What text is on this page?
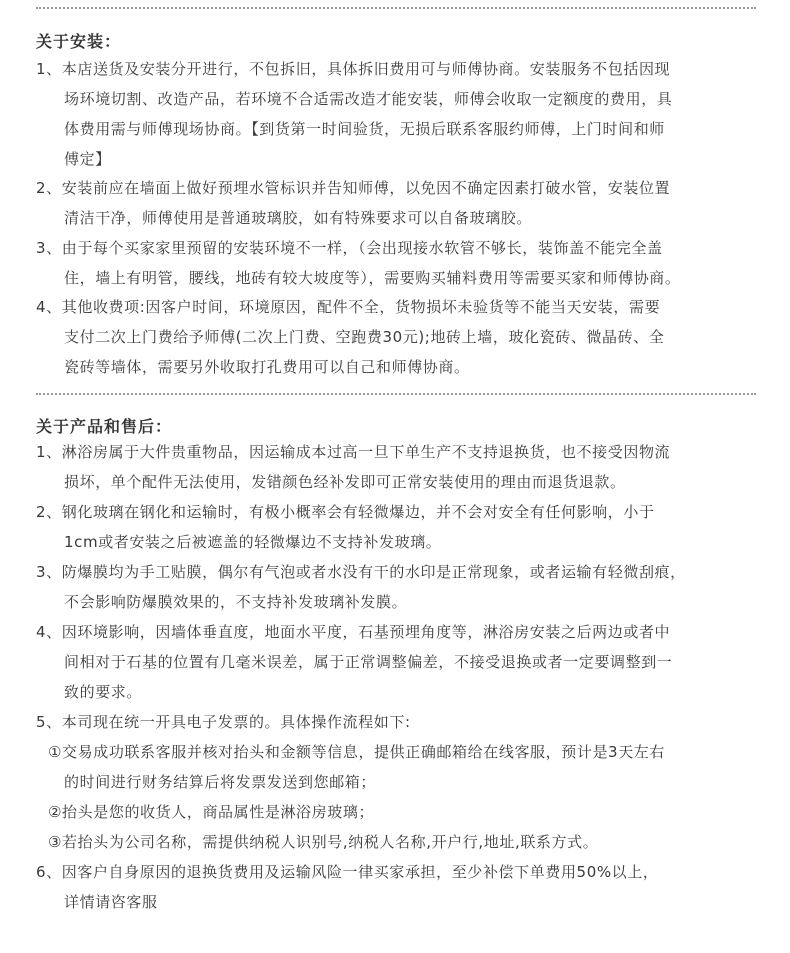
关于安装：
1、本店送货及安装分开进行，不包拆旧，具体拆旧费用可与师傅协商。安装服务不包括因现
场环境切割、改造产品，若环境不合适需改造才能安装，师傅会收取一定额度的费用，具
体费用需与师傅现场协商。【到货第一时间验货，无损后联系客服约师傅，上门时间和师
傅定】
2、安装前应在墙面上做好预埋水管标识并告知师傅，以免因不确定因素打破水管，安装位置
清洁干净，师傅使用是普通玻璃胶，如有特殊要求可以自备玻璃胶。
3、由于每个买家家里预留的安装环境不一样，（会出现接水软管不够长，装饰盖不能完全盖
住，墙上有明管，腰线，地砖有较大坡度等），需要购买辅料费用等需要买家和师傅协商。
4、其他收费项:因客户时间，环境原因，配件不全，货物损坏未验货等不能当天安装，需要
支付二次上门费给予师傅(二次上门费、空跑费30元);地砖上墙，玻化瓷砖、微晶砖、全
瓷砖等墙体，需要另外收取打孔费用可以自己和师傅协商。
关于产品和售后：
1、淋浴房属于大件贵重物品，因运输成本过高一旦下单生产不支持退换货，也不接受因物流
损坏，单个配件无法使用，发错颜色经补发即可正常安装使用的理由而退货退款。
2、钢化玻璃在钢化和运输时，有极小概率会有轻微爆边，并不会对安全有任何影响，小于
1cm或者安装之后被遮盖的轻微爆边不支持补发玻璃。
3、防爆膜均为手工贴膜，偶尔有气泡或者水没有干的水印是正常现象，或者运输有轻微刮痕，
不会影响防爆膜效果的，不支持补发玻璃补发膜。
4、因环境影响，因墙体垂直度，地面水平度，石基预埋角度等，淋浴房安装之后两边或者中
间相对于石基的位置有几毫米误差，属于正常调整偏差，不接受退换或者一定要调整到一
致的要求。
5、本司现在统一开具电子发票的。具体操作流程如下:
①交易成功联系客服并核对抬头和金额等信息，提供正确邮箱给在线客服，预计是3天左右
的时间进行财务结算后将发票发送到您邮箱；
②抬头是您的收货人，商品属性是淋浴房玻璃；
③若抬头为公司名称，需提供纳税人识别号,纳税人名称,开户行,地址,联系方式。
6、因客户自身原因的退换货费用及运输风险一律买家承担，至少补偿下单费用50%以上，
详情请咨客服
